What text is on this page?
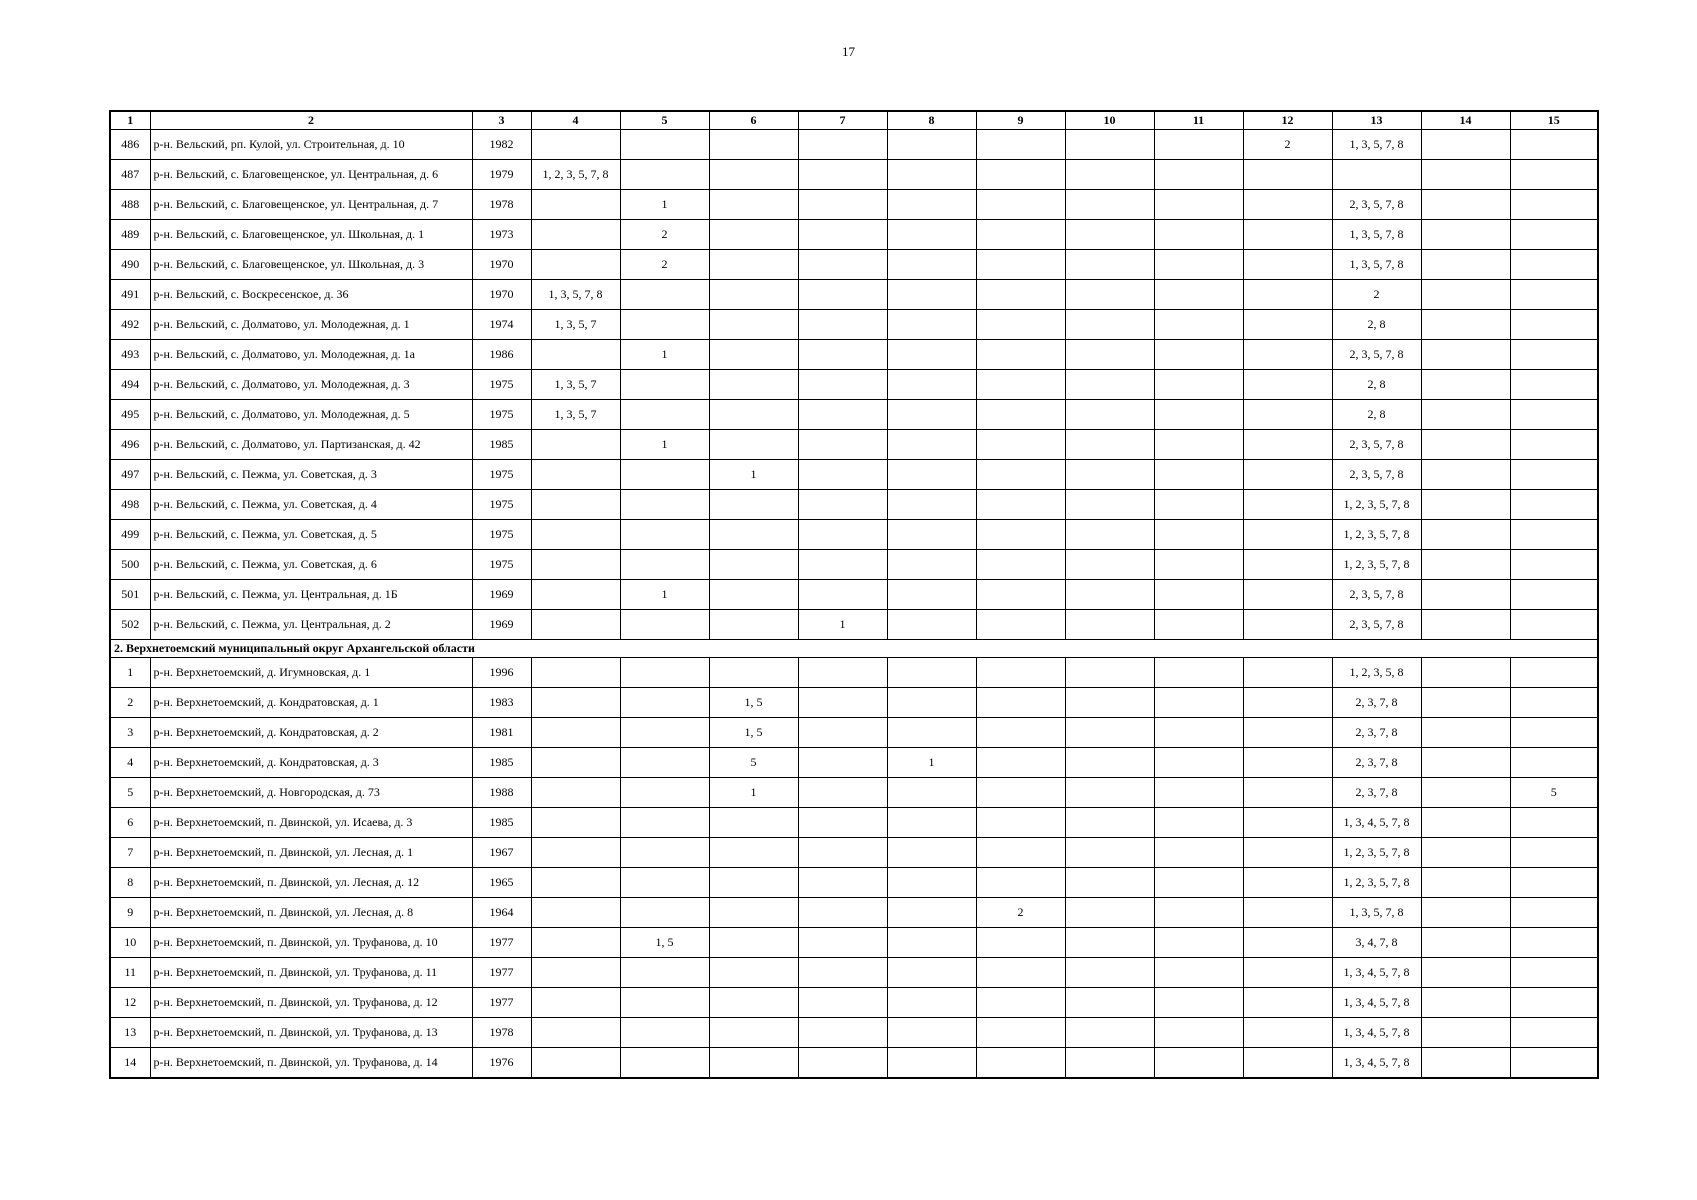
17
1	2	3	4	5	6	7	8	9	10	11	12	13	14	15
486	р-н. Вельский, рп. Кулой, ул. Строительная, д. 10	1982									2	1, 3, 5, 7, 8		
487	р-н. Вельский, с. Благовещенское, ул. Центральная, д. 6	1979	1, 2, 3, 5, 7, 8											
488	р-н. Вельский, с. Благовещенское, ул. Центральная, д. 7	1978		1								2, 3, 5, 7, 8		
489	р-н. Вельский, с. Благовещенское, ул. Школьная, д. 1	1973		2								1, 3, 5, 7, 8		
490	р-н. Вельский, с. Благовещенское, ул. Школьная, д. 3	1970		2								1, 3, 5, 7, 8		
491	р-н. Вельский, с. Воскресенское, д. 36	1970	1, 3, 5, 7, 8									2		
492	р-н. Вельский, с. Долматово, ул. Молодежная, д. 1	1974	1, 3, 5, 7									2, 8		
493	р-н. Вельский, с. Долматово, ул. Молодежная, д. 1а	1986		1								2, 3, 5, 7, 8		
494	р-н. Вельский, с. Долматово, ул. Молодежная, д. 3	1975	1, 3, 5, 7									2, 8		
495	р-н. Вельский, с. Долматово, ул. Молодежная, д. 5	1975	1, 3, 5, 7									2, 8		
496	р-н. Вельский, с. Долматово, ул. Партизанская, д. 42	1985		1								2, 3, 5, 7, 8		
497	р-н. Вельский, с. Пежма, ул. Советская, д. 3	1975			1							2, 3, 5, 7, 8		
498	р-н. Вельский, с. Пежма, ул. Советская, д. 4	1975										1, 2, 3, 5, 7, 8		
499	р-н. Вельский, с. Пежма, ул. Советская, д. 5	1975										1, 2, 3, 5, 7, 8		
500	р-н. Вельский, с. Пежма, ул. Советская, д. 6	1975										1, 2, 3, 5, 7, 8		
501	р-н. Вельский, с. Пежма, ул. Центральная, д. 1Б	1969		1								2, 3, 5, 7, 8		
502	р-н. Вельский, с. Пежма, ул. Центральная, д. 2	1969				1						2, 3, 5, 7, 8		
2. Верхнетоемский муниципальный округ Архангельской области														
1	р-н. Верхнетоемский, д. Игумновская, д. 1	1996										1, 2, 3, 5, 8		
2	р-н. Верхнетоемский, д. Кондратовская, д. 1	1983			1, 5							2, 3, 7, 8		
3	р-н. Верхнетоемский, д. Кондратовская, д. 2	1981			1, 5							2, 3, 7, 8		
4	р-н. Верхнетоемский, д. Кондратовская, д. 3	1985			5		1					2, 3, 7, 8		
5	р-н. Верхнетоемский, д. Новгородская, д. 73	1988			1							2, 3, 7, 8		5
6	р-н. Верхнетоемский, п. Двинской, ул. Исаева, д. 3	1985										1, 3, 4, 5, 7, 8		
7	р-н. Верхнетоемский, п. Двинской, ул. Лесная, д. 1	1967										1, 2, 3, 5, 7, 8		
8	р-н. Верхнетоемский, п. Двинской, ул. Лесная, д. 12	1965										1, 2, 3, 5, 7, 8		
9	р-н. Верхнетоемский, п. Двинской, ул. Лесная, д. 8	1964						2				1, 3, 5, 7, 8		
10	р-н. Верхнетоемский, п. Двинской, ул. Труфанова, д. 10	1977		1, 5								3, 4, 7, 8		
11	р-н. Верхнетоемский, п. Двинской, ул. Труфанова, д. 11	1977										1, 3, 4, 5, 7, 8		
12	р-н. Верхнетоемский, п. Двинской, ул. Труфанова, д. 12	1977										1, 3, 4, 5, 7, 8		
13	р-н. Верхнетоемский, п. Двинской, ул. Труфанова, д. 13	1978										1, 3, 4, 5, 7, 8		
14	р-н. Верхнетоемский, п. Двинской, ул. Труфанова, д. 14	1976										1, 3, 4, 5, 7, 8		
